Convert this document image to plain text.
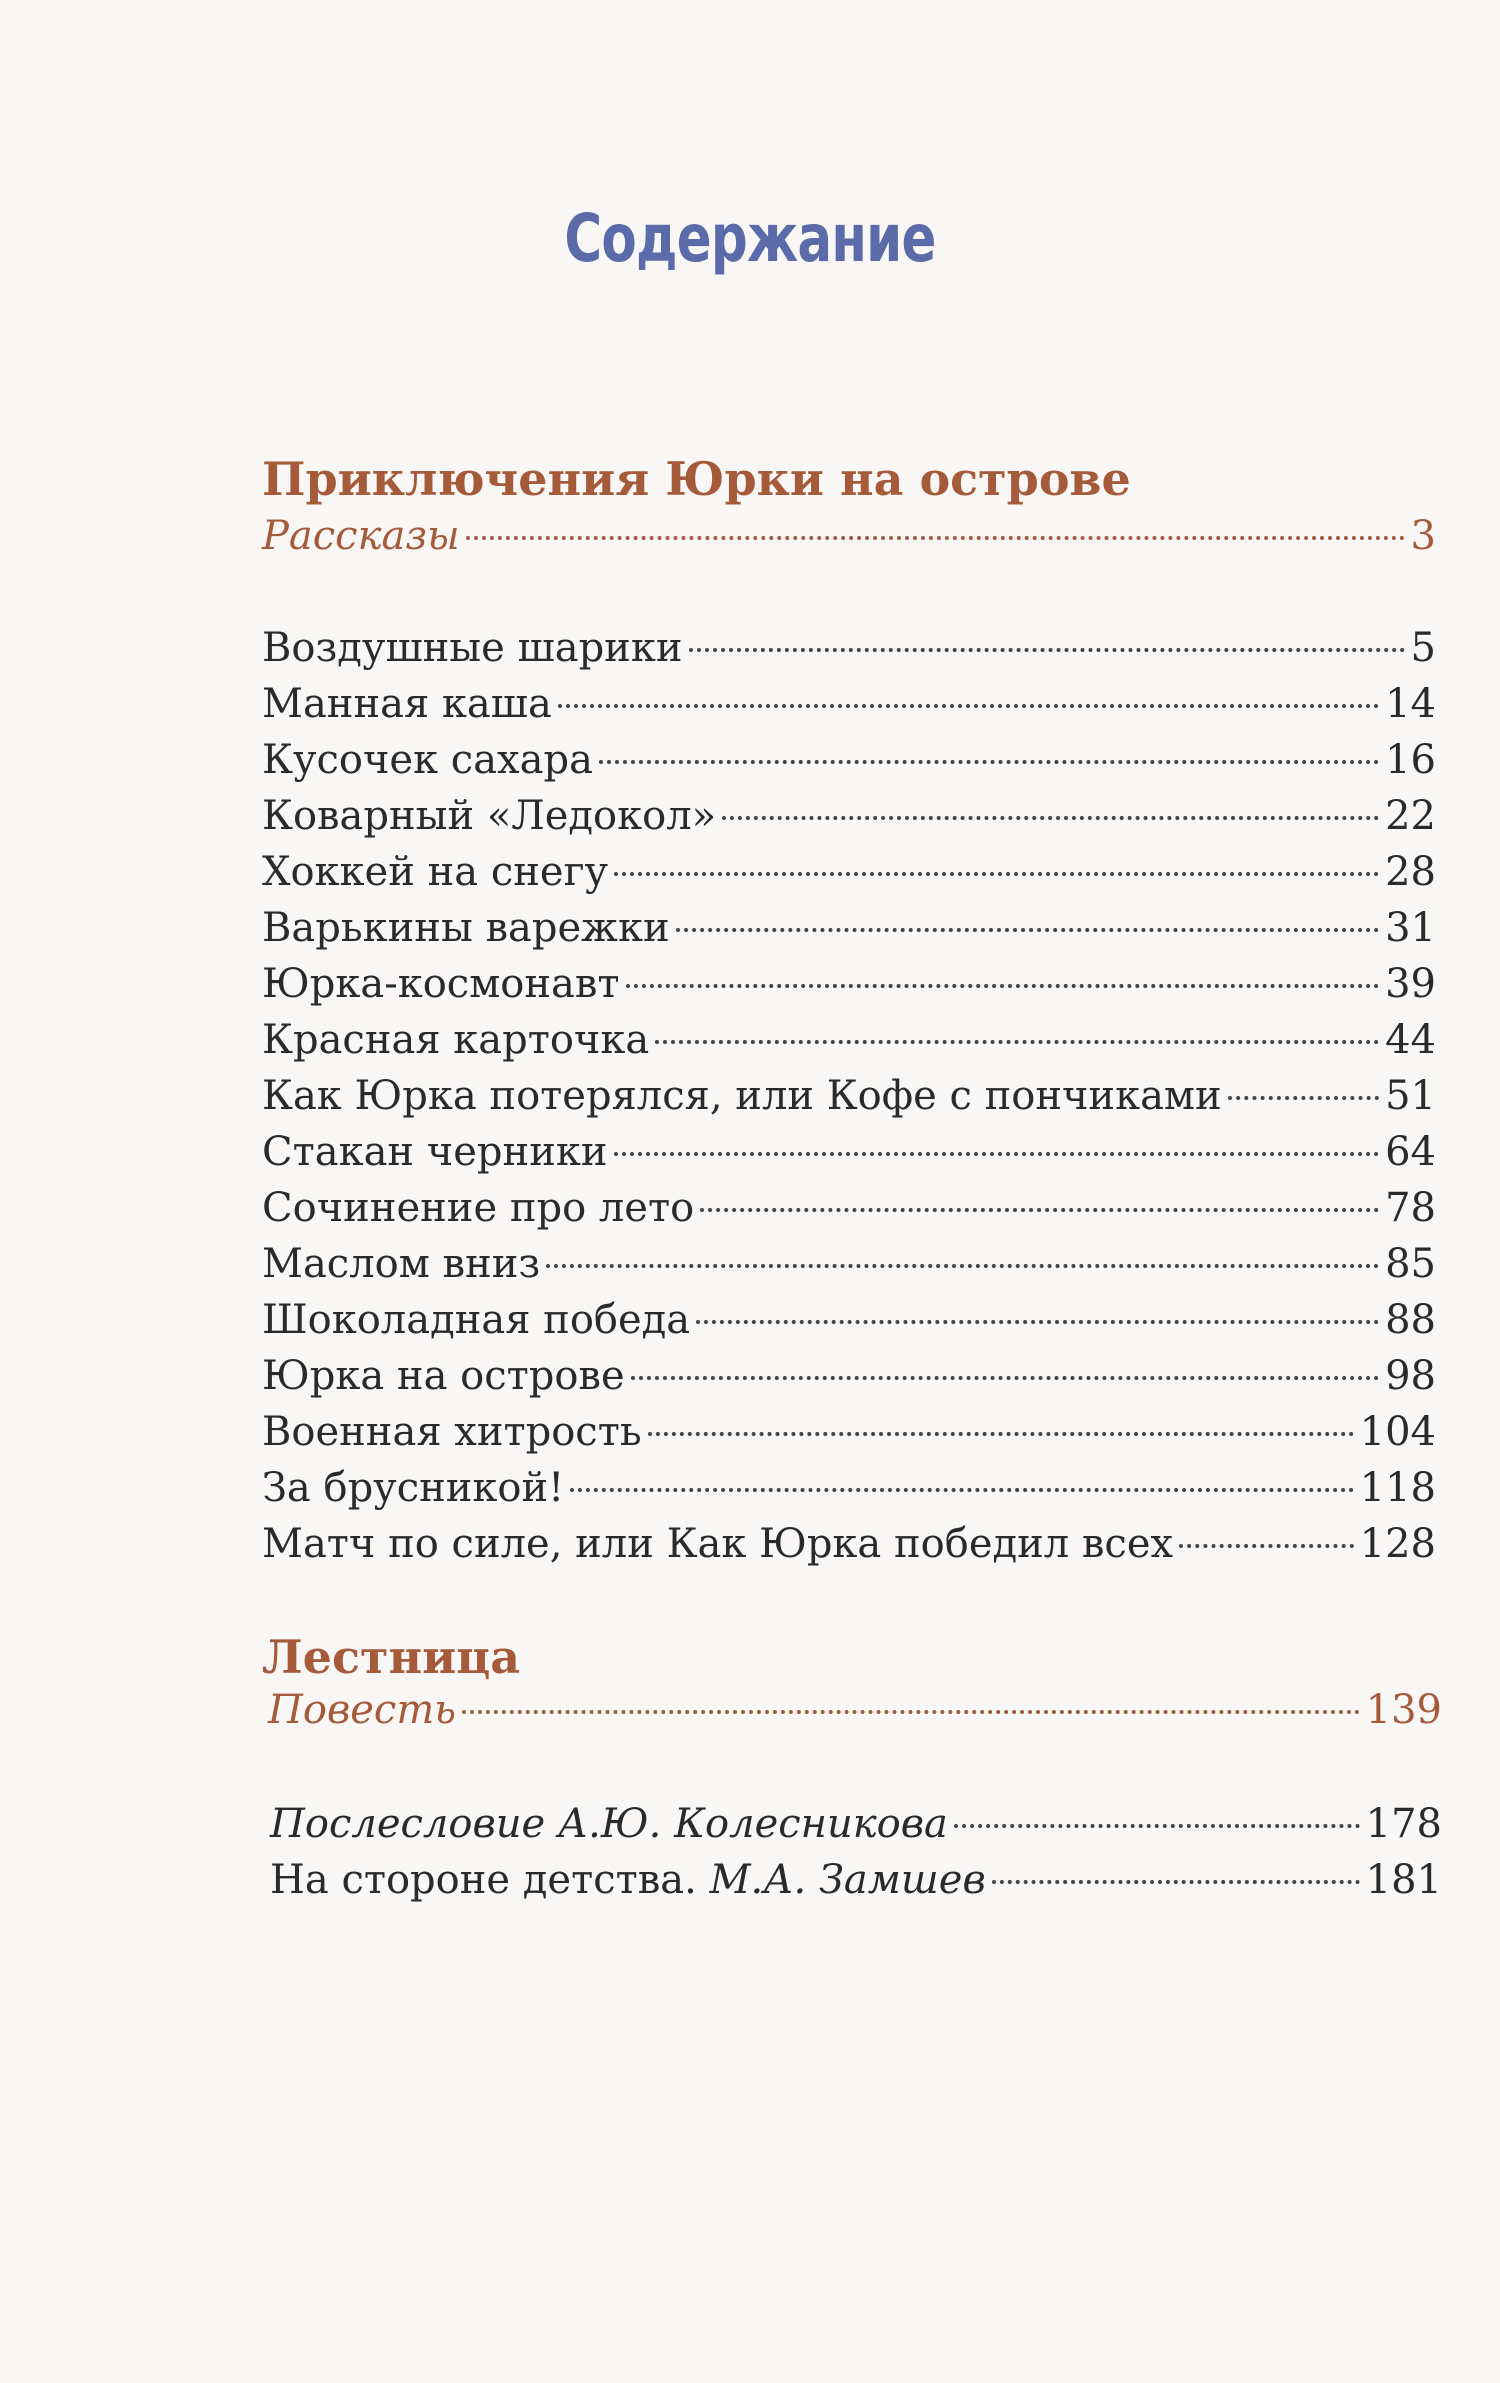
Содержание
Приключения Юрки на острове
Рассказы	3
Воздушные шарики	5
Манная каша	14
Кусочек сахара	16
Коварный «Ледокол»	22
Хоккей на снегу	28
Варькины варежки	31
Юрка-космонавт	39
Красная карточка	44
Как Юрка потерялся, или Кофе с пончиками	51
Стакан черники	64
Сочинение про лето	78
Маслом вниз	85
Шоколадная победа	88
Юрка на острове	98
Военная хитрость	104
За брусникой!	118
Матч по силе, или Как Юрка победил всех	128
Лестница
Повесть	139
Послесловие А.Ю. Колесникова	178
На стороне детства. М.А. Замшев	181
